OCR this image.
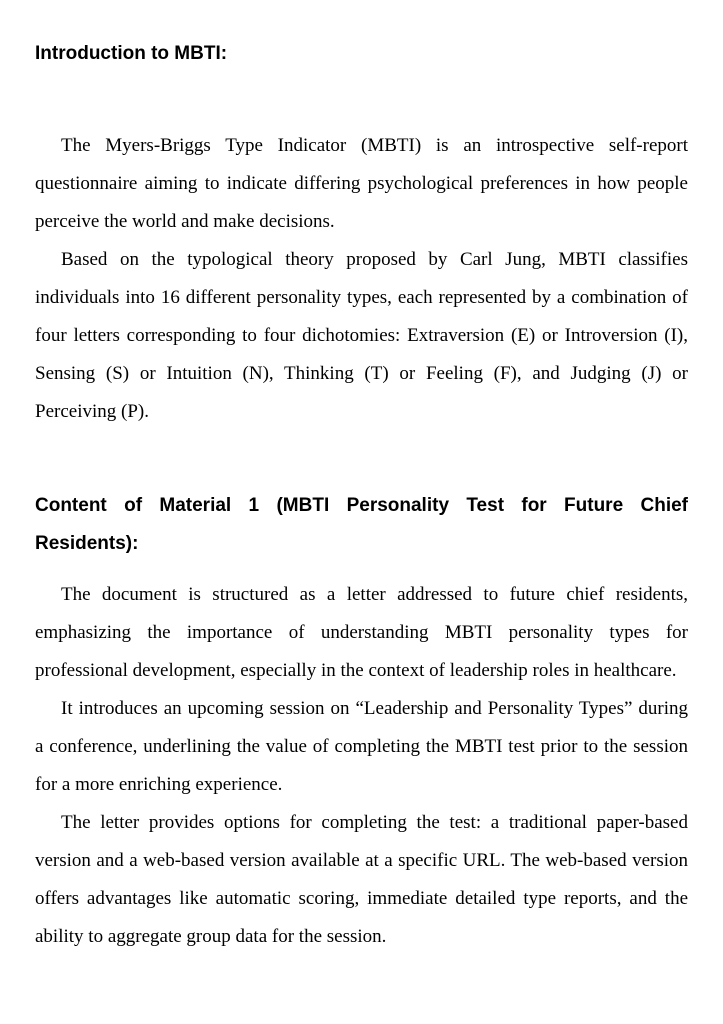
Introduction to MBTI:

The Myers-Briggs Type Indicator (MBTI) is an introspective self-report questionnaire aiming to indicate differing psychological preferences in how people perceive the world and make decisions.

Based on the typological theory proposed by Carl Jung, MBTI classifies individuals into 16 different personality types, each represented by a combination of four letters corresponding to four dichotomies: Extraversion (E) or Introversion (I), Sensing (S) or Intuition (N), Thinking (T) or Feeling (F), and Judging (J) or Perceiving (P).

Content of Material 1 (MBTI Personality Test for Future Chief Residents):

The document is structured as a letter addressed to future chief residents, emphasizing the importance of understanding MBTI personality types for professional development, especially in the context of leadership roles in healthcare.

It introduces an upcoming session on “Leadership and Personality Types” during a conference, underlining the value of completing the MBTI test prior to the session for a more enriching experience.

The letter provides options for completing the test: a traditional paper-based version and a web-based version available at a specific URL. The web-based version offers advantages like automatic scoring, immediate detailed type reports, and the ability to aggregate group data for the session.
